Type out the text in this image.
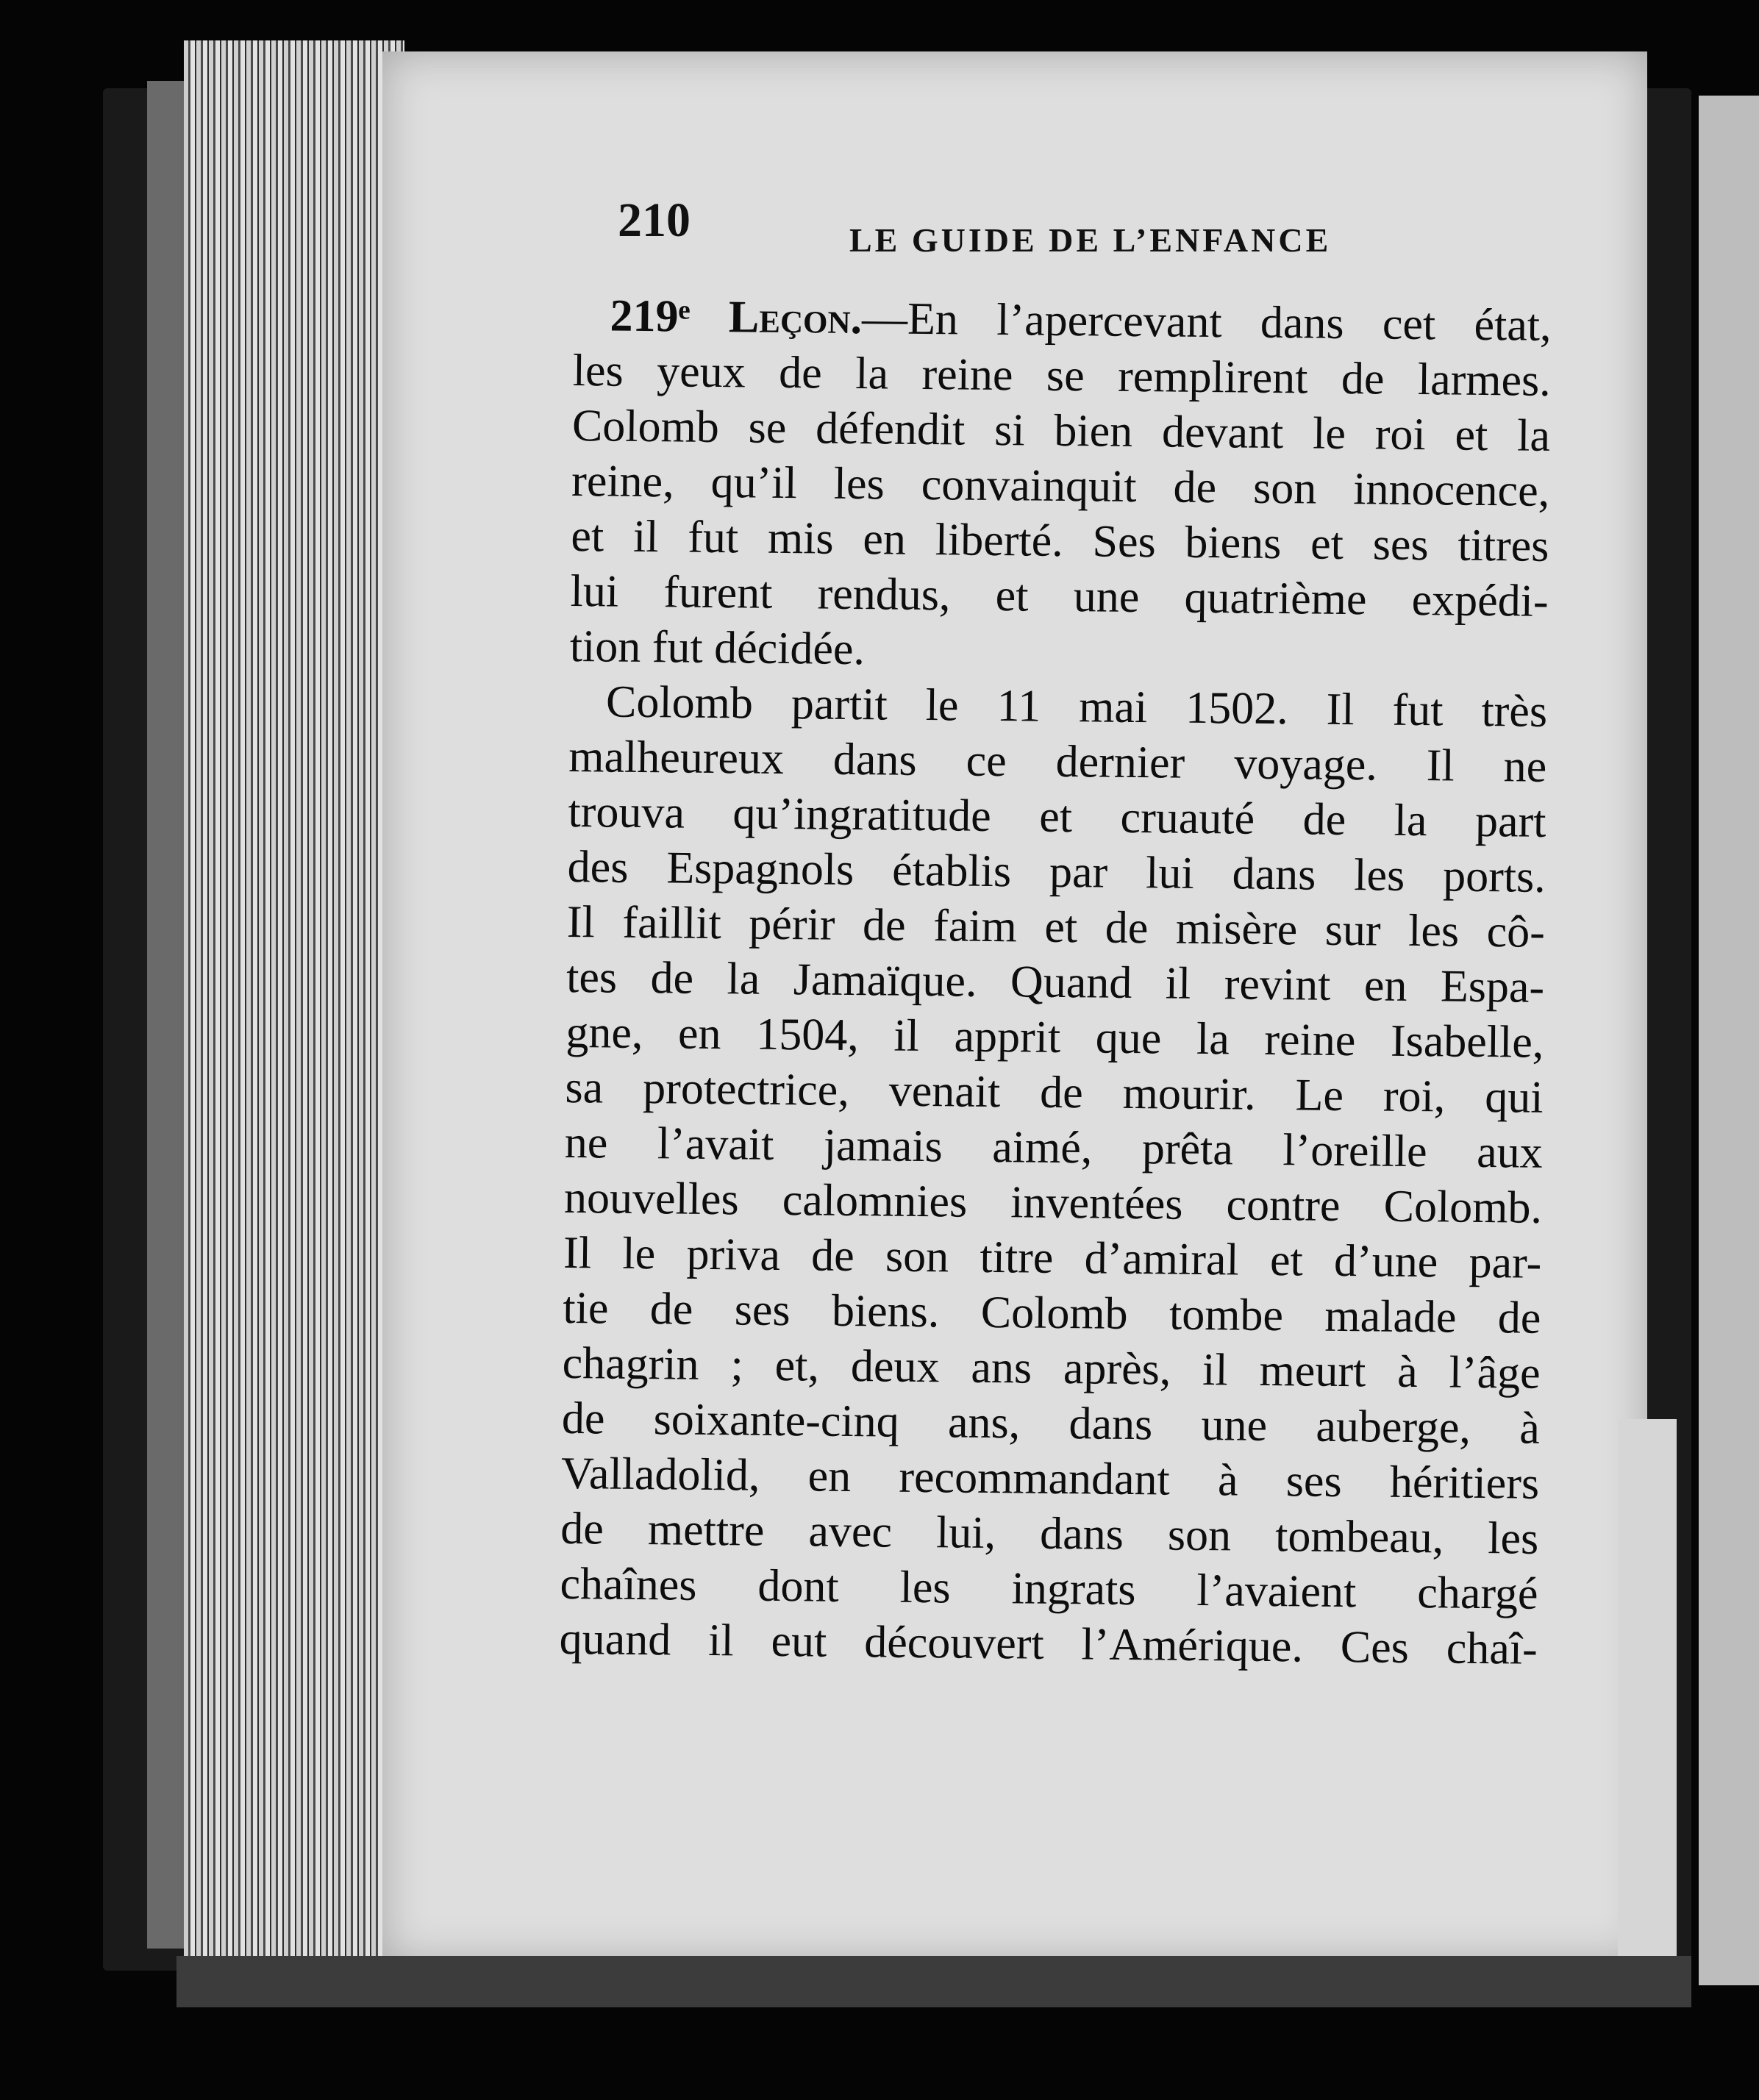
210	LE GUIDE DE L’ENFANCE
219ᵉ Leçon.—En l’apercevant dans cet état,
les yeux de la reine se remplirent de larmes.
Colomb se défendit si bien devant le roi et la
reine, qu’il les convainquit de son innocence,
et il fut mis en liberté. Ses biens et ses titres
lui furent rendus, et une quatrième expédi-
tion fut décidée.
Colomb partit le 11 mai 1502. Il fut très
malheureux dans ce dernier voyage. Il ne
trouva qu’ingratitude et cruauté de la part
des Espagnols établis par lui dans les ports.
Il faillit périr de faim et de misère sur les cô-
tes de la Jamaïque. Quand il revint en Espa-
gne, en 1504, il apprit que la reine Isabelle,
sa protectrice, venait de mourir. Le roi, qui
ne l’avait jamais aimé, prêta l’oreille aux
nouvelles calomnies inventées contre Colomb.
Il le priva de son titre d’amiral et d’une par-
tie de ses biens. Colomb tombe malade de
chagrin ; et, deux ans après, il meurt à l’âge
de soixante-cinq ans, dans une auberge, à
Valladolid, en recommandant à ses héritiers
de mettre avec lui, dans son tombeau, les
chaînes dont les ingrats l’avaient chargé
quand il eut découvert l’Amérique. Ces chaî-
